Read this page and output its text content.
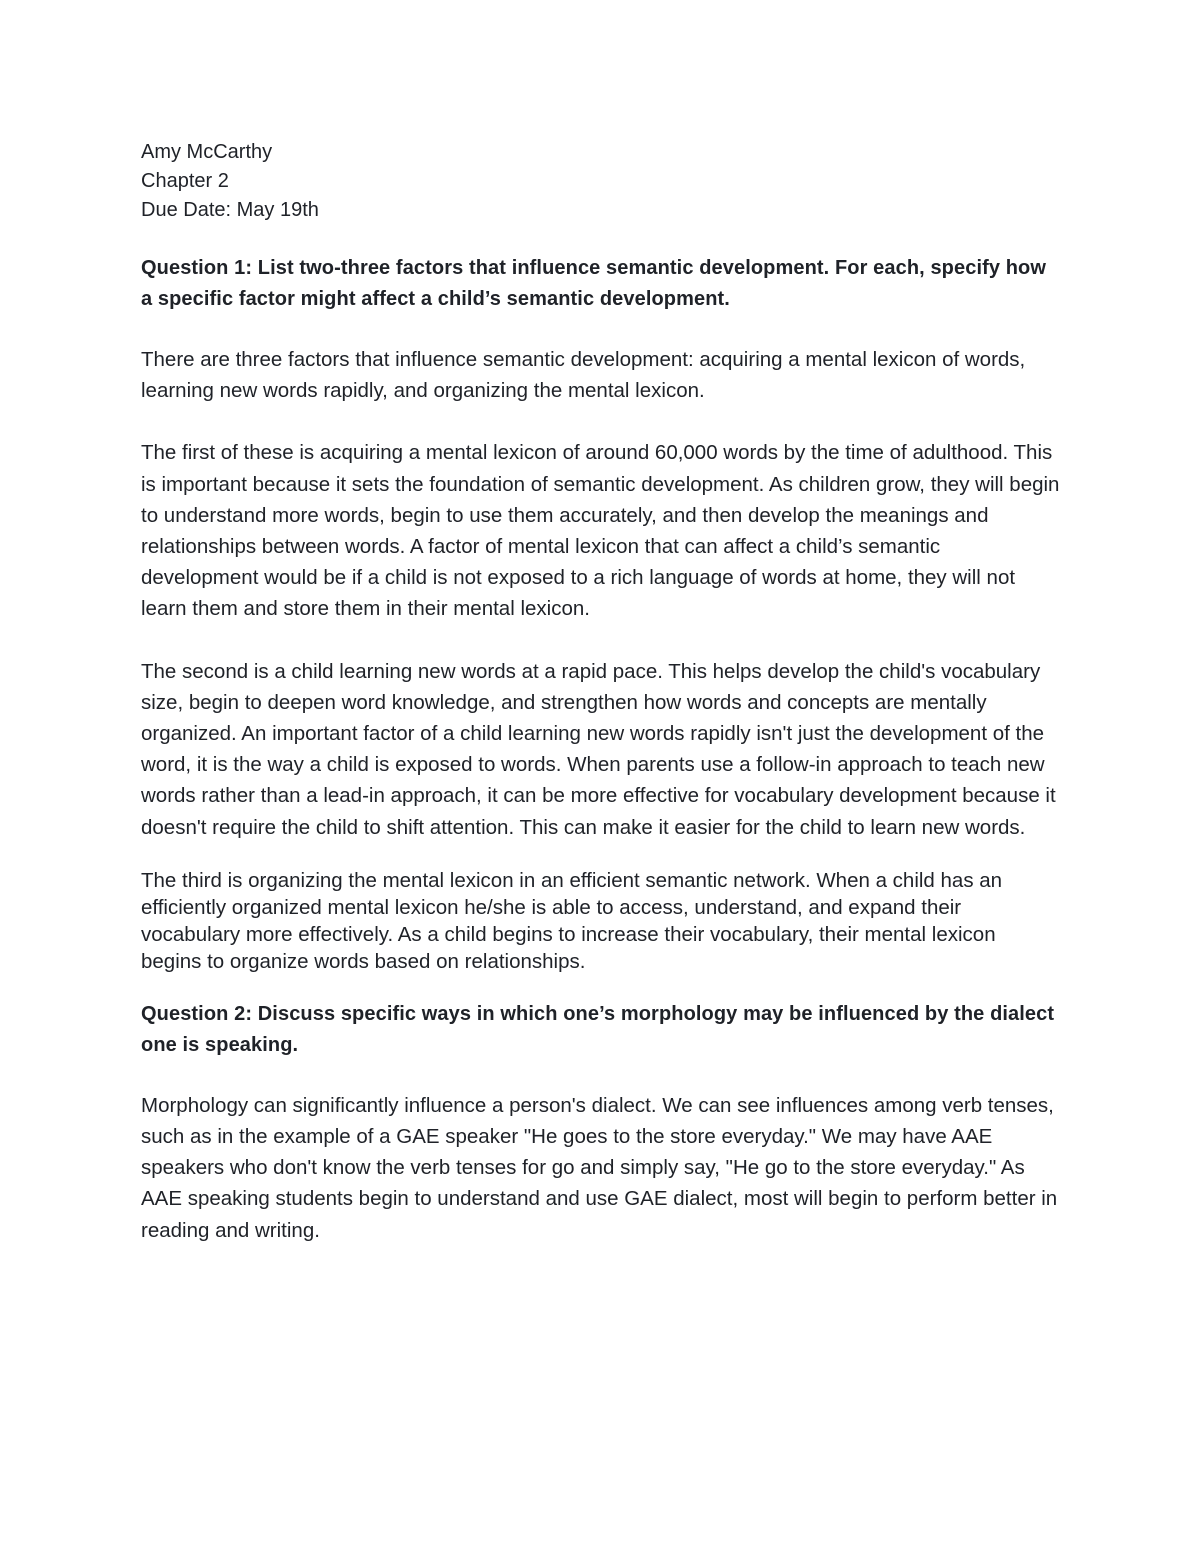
Amy McCarthy

Chapter 2

Due Date: May 19th

Question 1: List two-three factors that influence semantic development. For each, specify how a specific factor might affect a child’s semantic development.

There are three factors that influence semantic development: acquiring a mental lexicon of words, learning new words rapidly, and organizing the mental lexicon.

The first of these is acquiring a mental lexicon of around 60,000 words by the time of adulthood. This is important because it sets the foundation of semantic development. As children grow, they will begin to understand more words, begin to use them accurately, and then develop the meanings and relationships between words. A factor of mental lexicon that can affect a child’s semantic development would be if a child is not exposed to a rich language of words at home, they will not learn them and store them in their mental lexicon.

The second is a child learning new words at a rapid pace. This helps develop the child's vocabulary size, begin to deepen word knowledge, and strengthen how words and concepts are mentally organized. An important factor of a child learning new words rapidly isn't just the development of the word, it is the way a child is exposed to words. When parents use a follow-in approach to teach new words rather than a lead-in approach, it can be more effective for vocabulary development because it doesn't require the child to shift attention. This can make it easier for the child to learn new words.

The third is organizing the mental lexicon in an efficient semantic network. When a child has an efficiently organized mental lexicon he/she is able to access, understand, and expand their vocabulary more effectively. As a child begins to increase their vocabulary, their mental lexicon begins to organize words based on relationships.

Question 2: Discuss specific ways in which one’s morphology may be influenced by the dialect one is speaking.

Morphology can significantly influence a person's dialect. We can see influences among verb tenses, such as in the example of a GAE speaker "He goes to the store everyday." We may have AAE speakers who don't know the verb tenses for go and simply say, "He go to the store everyday." As AAE speaking students begin to understand and use GAE dialect, most will begin to perform better in reading and writing.
